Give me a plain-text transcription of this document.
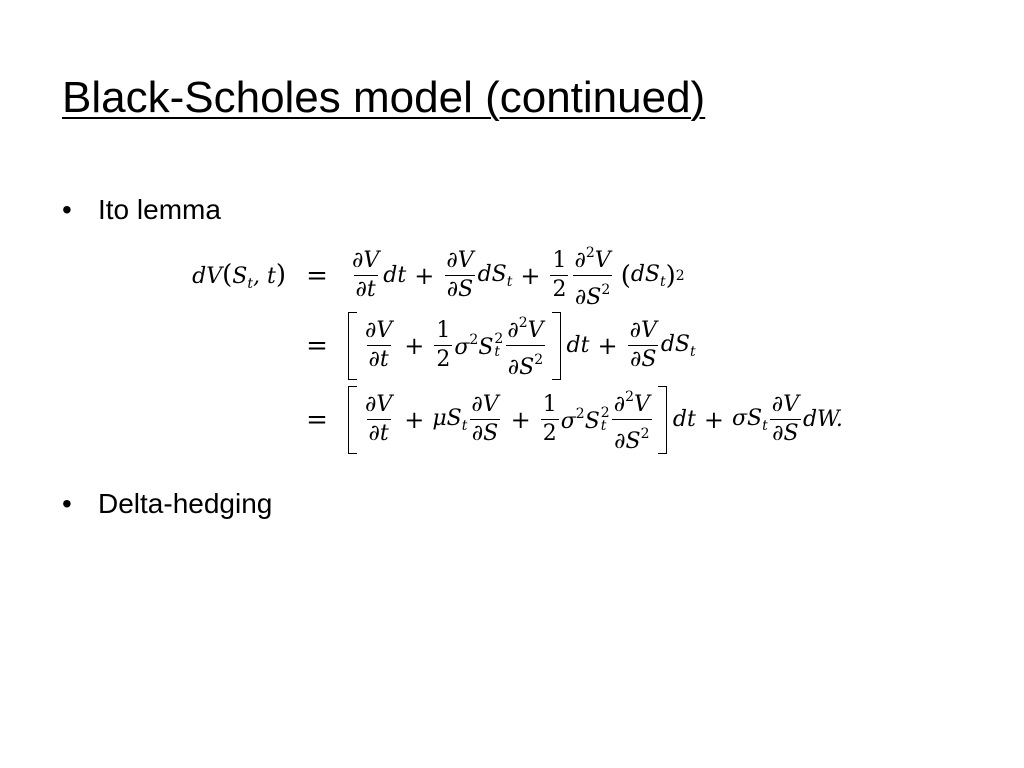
Black-Scholes model (continued)
• Ito lemma
$dV(S_t$, t) =	$\frac{\partial V}{\partial t}$ dt + $\frac{\partial V}{\partial S} dS_t + \frac{1}{2} \frac{\partial^2V}{\partial S^2}$ ( $dS_t$ ) 2
=	$\frac{\partial V}{\partial t} + \frac{1}{2} \sigma^2S$ 2
t $\frac{\partial^2V}{\partial S^2}$ dt + $\frac{\partial V}{\partial S} dS_t$
=	$\frac{\partial V}{\partial t} + \mu S_t \frac{\partial V}{\partial S} + \frac{1}{2} \sigma^2S$ 2
t $\frac{\partial^2V}{\partial S^2}$ dt + $\sigma S_t \frac{\partial V}{\partial S}$ dW.
• Delta-hedging
